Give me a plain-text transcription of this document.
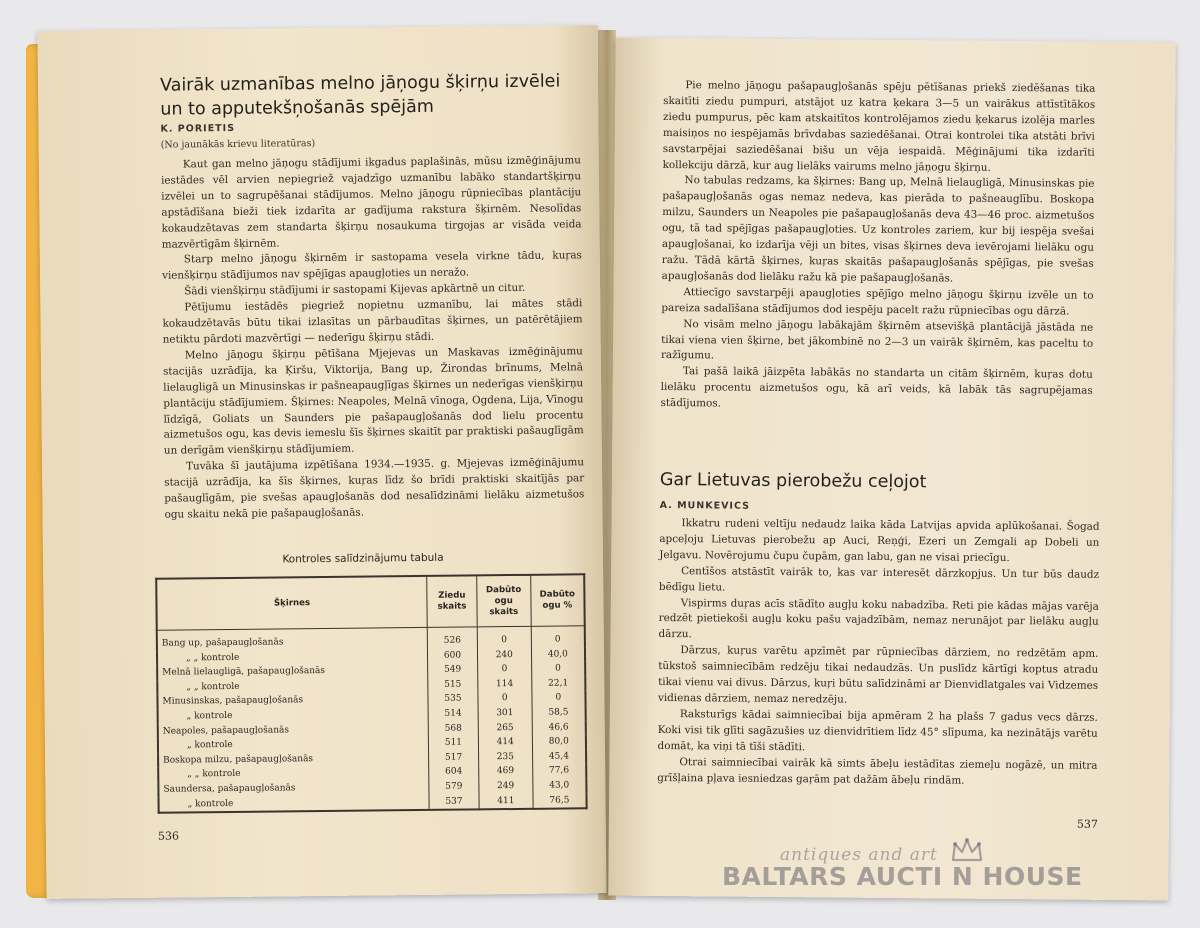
Vairāk uzmanības melno jāņogu šķirņu izvēlei un to apputekšņošanās spējām
K. PORIETIS
(No jaunākās krievu literatūras)

Kaut gan melno jāņogu stādījumi ikgadus paplašinās, mūsu izmēģinājumu iestādes vēl arvien nepiegriež vajadzīgo uzmanību labāko standartšķirņu izvēlei un to sagrupēšanai stādījumos. Melno jāņogu rūpniecības plantāciju apstādīšana bieži tiek izdarīta ar gadījuma rakstura šķirnēm. Nesolīdas kokaudzētavas zem standarta šķirņu nosaukuma tirgojas ar visāda veida mazvērtīgām šķirnēm.

Starp melno jāņogu šķirnēm ir sastopama vesela virkne tādu, kuŗas vienšķirņu stādījumos nav spējīgas apaugļoties un neražo.

Šādi vienšķirņu stādījumi ir sastopami Ķijevas apkārtnē un citur.

Pētījumu iestādēs piegriež nopietnu uzmanību, lai mātes stādi kokaudzētavās būtu tikai izlasītas un pārbaudītas šķirnes, un patērētājiem netiktu pārdoti mazvērtīgi — nederīgu šķirņu stādi.

Melno jāņogu šķirņu pētīšana Mjejevas un Maskavas izmēģinājumu stacijās uzrādīja, ka Ķiršu, Viktorija, Bang up, Žirondas brīnums, Melnā lielaugligā un Minusinskas ir pašneapaugļīgas šķirnes un nederīgas vienšķirņu plantāciju stādījumiem. Šķirnes: Neapoles, Melnā vīnoga, Ogdena, Lija, Vīnogu līdzīgā, Goliats un Saunders pie pašapaugļošanās dod lielu procentu aizmetušos ogu, kas devis iemeslu šīs šķirnes skaitīt par praktiski pašauglīgām un derīgām vienšķirņu stādījumiem.

Tuvāka šī jautājuma izpētīšana 1934.—1935. g. Mjejevas izmēģinājumu stacijā uzrādīja, ka šīs šķirnes, kuŗas līdz šo brīdi praktiski skaitījās par pašauglīgām, pie svešas apaugļošanās dod nesalīdzināmi lielāku aizmetušos ogu skaitu nekā pie pašapaugļošanās.

Kontroles salīdzinājumu tabula
Šķirnes	Ziedu skaits	Dabūto ogu skaits	Dabūto ogu %
Bang up, pašapaugļošanās	526	0	0
„ „ kontrole	600	240	40,0
Melnā lielaugligā, pašapaugļošanās	549	0	0
„ „ kontrole	515	114	22,1
Minusinskas, pašapaugļošanās	535	0	0
„ kontrole	514	301	58,5
Neapoles, pašapaugļošanās	568	265	46,6
„ kontrole	511	414	80,0
Boskopa milzu, pašapaugļošanās	517	235	45,4
„ „ kontrole	604	469	77,6
Saundersa, pašapaugļošanās	579	249	43,0
„ kontrole	537	411	76,5
536

Pie melno jāņogu pašapaugļošanās spēju pētīšanas priekš ziedēšanas tika skaitīti ziedu pumpuri, atstājot uz katra ķekara 3—5 un vairākus attīstītākos ziedu pumpurus, pēc kam atskaitītos kontrolējamos ziedu ķekarus izolēja marles maisiņos no iespējamās brīvdabas saziedēšanai. Otrai kontrolei tika atstāti brīvi savstarpējai saziedēšanai bišu un vēja iespaidā. Mēģinājumi tika izdarīti kollekciju dārzā, kur aug lielāks vairums melno jāņogu šķirņu.

No tabulas redzams, ka šķirnes: Bang up, Melnā lielaugligā, Minusinskas pie pašapaugļošanās ogas nemaz nedeva, kas pierāda to pašneauglību. Boskopa milzu, Saunders un Neapoles pie pašapaugļošanās deva 43—46 proc. aizmetušos ogu, tā tad spējīgas pašapaugļoties. Uz kontroles zariem, kur bij iespēja svešai apaugļošanai, ko izdarīja vēji un bites, visas šķirnes deva ievērojami lielāku ogu ražu. Tādā kārtā šķirnes, kuŗas skaitās pašapaugļošanās spējīgas, pie svešas apaugļošanās dod lielāku ražu kā pie pašapaugļošanās.

Attiecīgo savstarpēji apaugļoties spējīgo melno jāņogu šķirņu izvēle un to pareiza sadalīšana stādījumos dod iespēju pacelt ražu rūpniecības ogu dārzā.

No visām melno jāņogu labākajām šķirnēm atsevišķā plantācijā jāstāda ne tikai viena vien šķirne, bet jākombinē no 2—3 un vairāk šķirnēm, kas paceltu to ražīgumu.

Tai pašā laikā jāizpēta labākās no standarta un citām šķirnēm, kuŗas dotu lielāku procentu aizmetušos ogu, kā arī veids, kā labāk tās sagrupējamas stādījumos.

Gar Lietuvas pierobežu ceļojot
A. MUNKEVICS

Ikkatru rudeni veltīju nedaudz laika kāda Latvijas apvida aplūkošanai. Šogad apceļoju Lietuvas pierobežu ap Auci, Reņģi, Ezeri un Zemgali ap Dobeli un Jelgavu. Novērojumu čupu čupām, gan labu, gan ne visai priecīgu.

Centīšos atstāstīt vairāk to, kas var interesēt dārzkopjus. Un tur būs daudz bēdīgu lietu.

Vispirms duŗas acīs stādīto augļu koku nabadzība. Reti pie kādas mājas varēja redzēt pietiekoši augļu koku pašu vajadzībām, nemaz nerunājot par lielāku augļu dārzu.

Dārzus, kuŗus varētu apzīmēt par rūpniecības dārziem, no redzētām apm. tūkstoš saimniecībām redzēju tikai nedaudzās. Un puslīdz kārtīgi koptus atradu tikai vienu vai divus. Dārzus, kuŗi būtu salīdzināmi ar Dienvidlatgales vai Vidzemes vidienas dārziem, nemaz neredzēju.

Raksturīgs kādai saimniecībai bija apmēram 2 ha plašs 7 gadus vecs dārzs. Koki visi tik glīti sagāzušies uz dienvidrītiem līdz 45° slīpuma, ka nezinātājs varētu domāt, ka viņi tā tīši stādīti.

Otrai saimniecībai vairāk kā simts ābeļu iestādītas ziemeļu nogāzē, un mitra grīšļaina pļava iesniedzas gaŗām pat dažām ābeļu rindām.

537
antiques and art
BALTARS AUCTI N HOUSE
